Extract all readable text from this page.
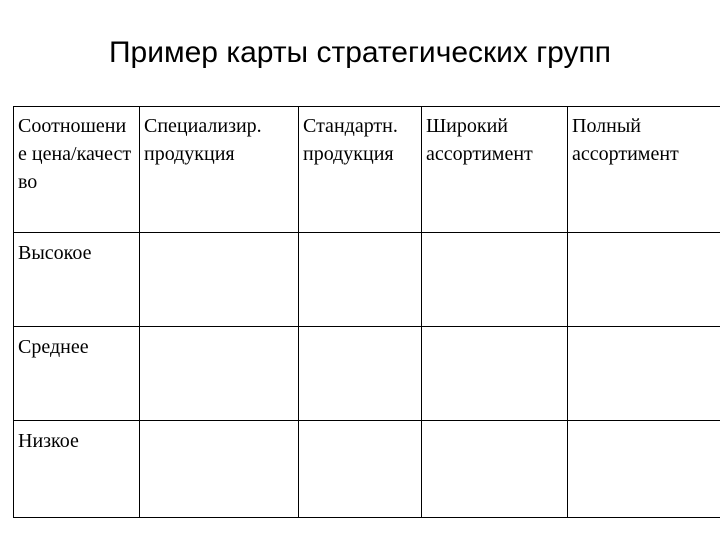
Пример карты стратегических групп
Соотношение цена/качество	Специализир. продукция	Стандартн. продукция	Широкий ассортимент	Полный ассортимент
Высокое				
Среднее				
Низкое				
